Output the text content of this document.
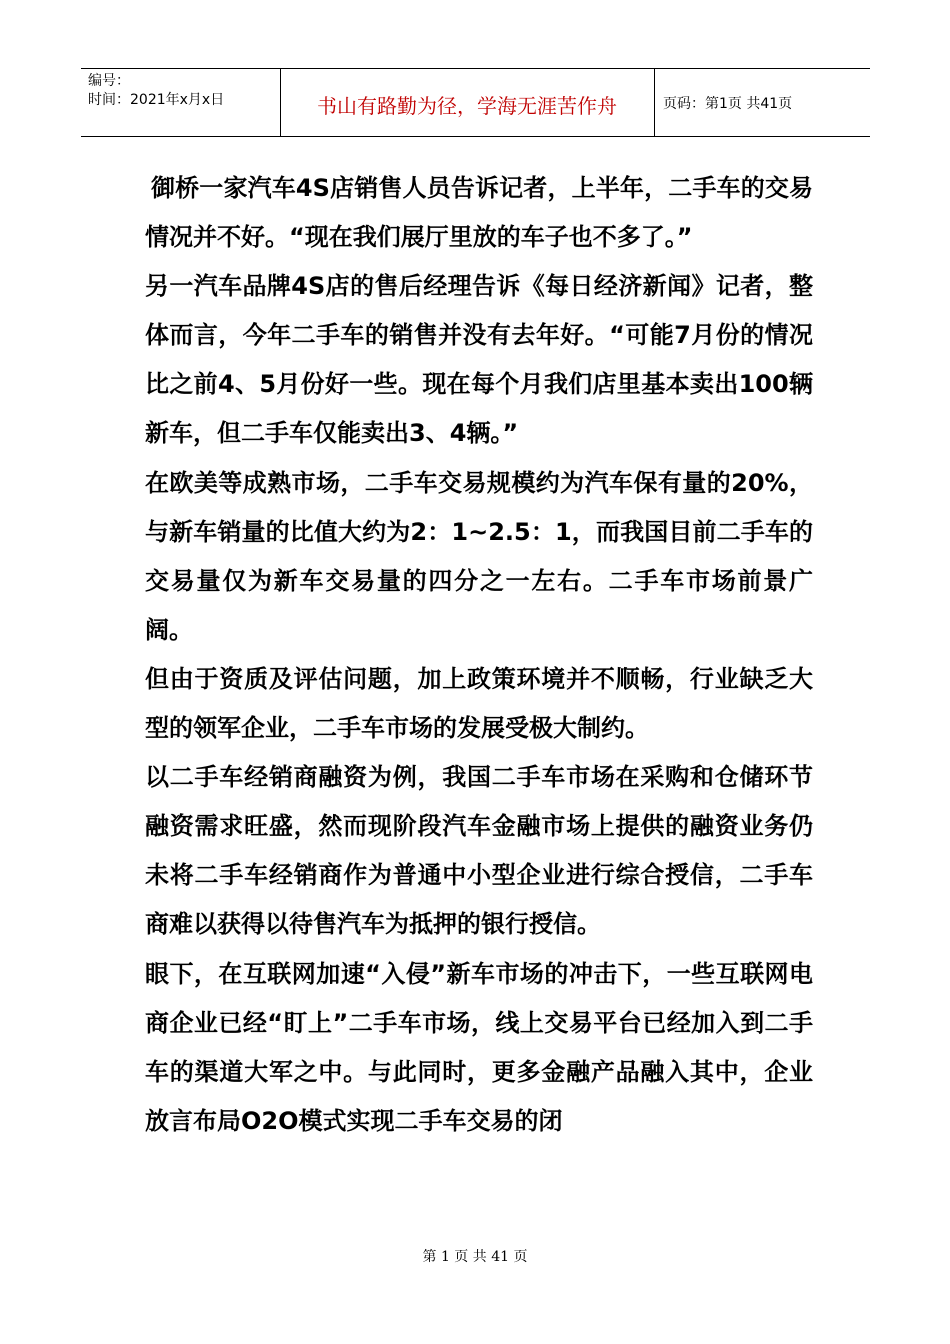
编号：
时间：2021年x月x日	书山有路勤为径，学海无涯苦作舟	页码：第1页 共41页

御桥一家汽车4S店销售人员告诉记者，上半年，二手车的交易情况并不好。“现在我们展厅里放的车子也不多了。”

另一汽车品牌4S店的售后经理告诉《每日经济新闻》记者，整体而言，今年二手车的销售并没有去年好。“可能7月份的情况比之前4、5月份好一些。现在每个月我们店里基本卖出100辆新车，但二手车仅能卖出3、4辆。”

在欧美等成熟市场，二手车交易规模约为汽车保有量的20%，与新车销量的比值大约为2：1~2.5：1，而我国目前二手车的交易量仅为新车交易量的四分之一左右。二手车市场前景广阔。

但由于资质及评估问题，加上政策环境并不顺畅，行业缺乏大型的领军企业，二手车市场的发展受极大制约。

以二手车经销商融资为例，我国二手车市场在采购和仓储环节融资需求旺盛，然而现阶段汽车金融市场上提供的融资业务仍未将二手车经销商作为普通中小型企业进行综合授信，二手车商难以获得以待售汽车为抵押的银行授信。

眼下，在互联网加速“入侵”新车市场的冲击下，一些互联网电商企业已经“盯上”二手车市场，线上交易平台已经加入到二手车的渠道大军之中。与此同时，更多金融产品融入其中，企业放言布局O2O模式实现二手车交易的闭

第 1 页 共 41 页
